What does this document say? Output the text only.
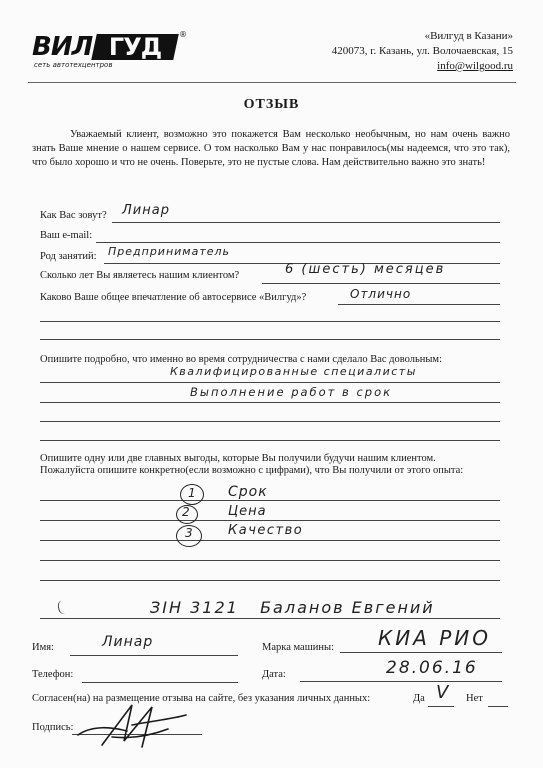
ВИЛ ГУД	®
сеть автотехцентров
«Вилгуд в Казани»
420073, г. Казань, ул. Волочаевская, 15
info@wilgood.ru
ОТЗЫВ
Уважаемый клиент, возможно это покажется Вам несколько необычным, но нам очень важно знать Ваше мнение о нашем сервисе. О том насколько Вам у нас понравилось(мы надеемся, что это так), что было хорошо и что не очень. Поверьте, это не пустые слова. Нам действительно важно это знать!
Как Вас зовут? Линар
Ваш e-mail:
Род занятий: Предприниматель
Сколько лет Вы являетесь нашим клиентом?	6 (шесть) месяцев
Каково Ваше общее впечатление об автосервисе «Вилгуд»?	Отлично
Опишите подробно, что именно во время сотрудничества с нами сделало Вас довольным:
Квалифицированные специалисты
Выполнение работ в срок
Опишите одну или две главных выгоды, которые Вы получили будучи нашим клиентом.
Пожалуйста опишите конкретно(если возможно с цифрами), что Вы получили от этого опыта:
1 Срок
2	Цена
3	Качество
ЗІН 3121   Баланов Евгений
Имя:	Линар	Марка машины: КИА РИО
Телефон:	Дата:	28.06.16
Согласен(на) на размещение отзыва на сайте, без указания личных данных:	Да V Нет
Подпись:
